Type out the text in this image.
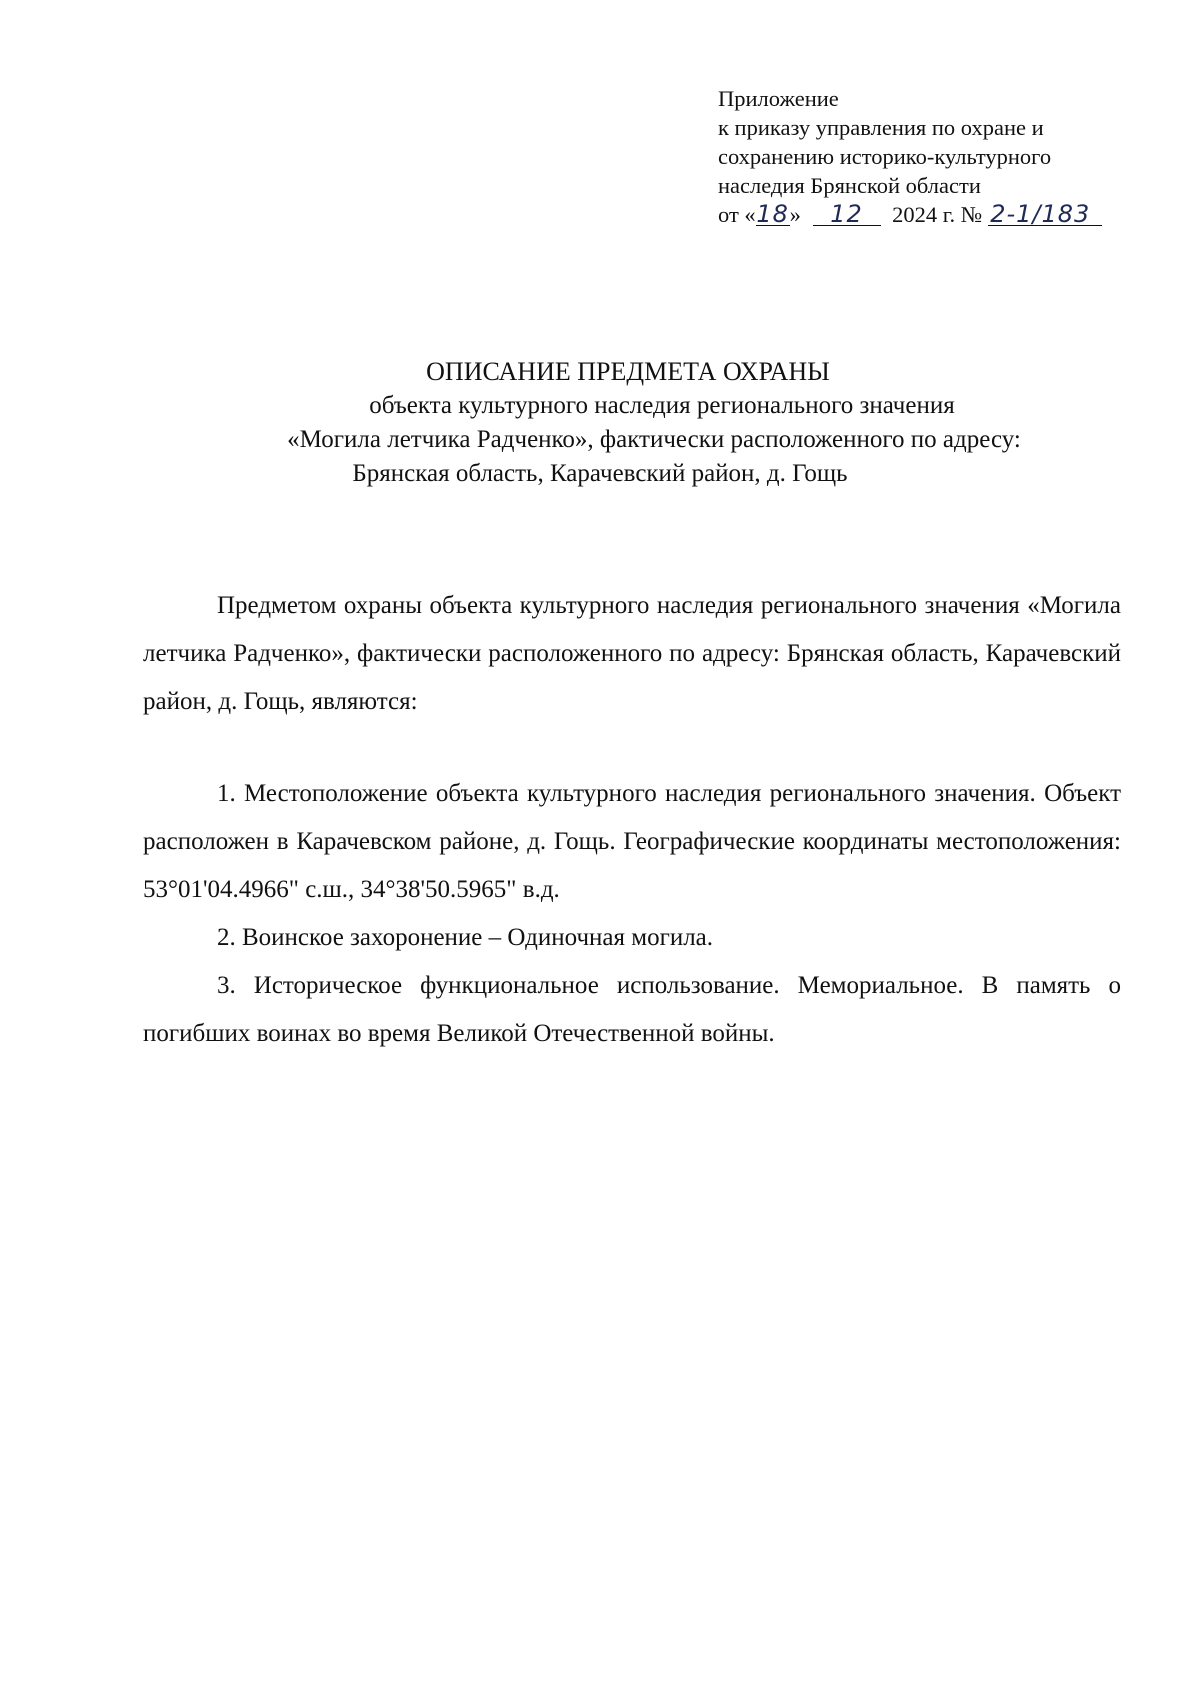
Приложение
к приказу управления по охране и
сохранению историко-культурного
наследия Брянской области
от «18» 12 2024 г. № 2-1/183
ОПИСАНИЕ ПРЕДМЕТА ОХРАНЫ
объекта культурного наследия регионального значения
«Могила летчика Радченко», фактически расположенного по адресу:
Брянская область, Карачевский район, д. Гощь

Предметом охраны объекта культурного наследия регионального значения «Могила летчика Радченко», фактически расположенного по адресу: Брянская область, Карачевский район, д. Гощь, являются:

1. Местоположение объекта культурного наследия регионального значения. Объект расположен в Карачевском районе, д. Гощь. Географические координаты местоположения: 53°01'04.4966" с.ш., 34°38'50.5965" в.д.

2. Воинское захоронение – Одиночная могила.

3. Историческое функциональное использование. Мемориальное. В память о погибших воинах во время Великой Отечественной войны.
